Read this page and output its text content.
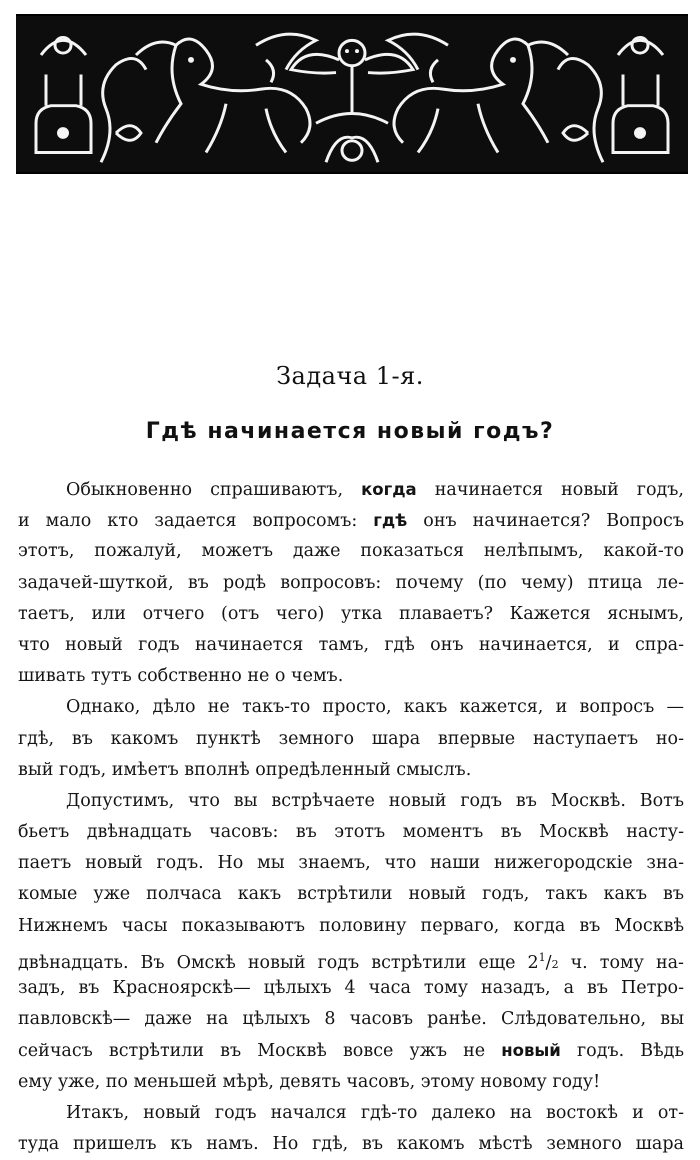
Задача 1-я.
Гдѣ начинается новый годъ?
Обыкновенно спрашиваютъ, когда начинается новый годъ,
и мало кто задается вопросомъ: гдѣ онъ начинается? Вопросъ
этотъ, пожалуй, можетъ даже показаться нелѣпымъ, какой-то
задачей-шуткой, въ родѣ вопросовъ: почему (по чему) птица ле-
таетъ, или отчего (отъ чего) утка плаваетъ? Кажется яснымъ,
что новый годъ начинается тамъ, гдѣ онъ начинается, и спра-
шивать тутъ собственно не о чемъ.
Однако, дѣло не такъ-то просто, какъ кажется, и вопросъ —
гдѣ, въ какомъ пунктѣ земного шара впервые наступаетъ но-
вый годъ, имѣетъ вполнѣ опредѣленный смыслъ.
Допустимъ, что вы встрѣчаете новый годъ въ Москвѣ. Вотъ
бьетъ двѣнадцать часовъ: въ этотъ моментъ въ Москвѣ насту-
паетъ новый годъ. Но мы знаемъ, что наши нижегородскіе зна-
комые уже полчаса какъ встрѣтили новый годъ, такъ какъ въ
Нижнемъ часы показываютъ половину перваго, когда въ Москвѣ
двѣнадцать. Въ Омскѣ новый годъ встрѣтили еще $2^1/2$ ч. тому на-
задъ, въ Красноярскѣ— цѣлыхъ 4 часа тому назадъ, а въ Петро-
павловскѣ— даже на цѣлыхъ 8 часовъ ранѣе. Слѣдовательно, вы
сейчасъ встрѣтили въ Москвѣ вовсе ужъ не новый годъ. Вѣдь
ему уже, по меньшей мѣрѣ, девять часовъ, этому новому году!
Итакъ, новый годъ начался гдѣ-то далеко на востокѣ и от-
туда пришелъ къ намъ. Но гдѣ, въ какомъ мѣстѣ земного шара
